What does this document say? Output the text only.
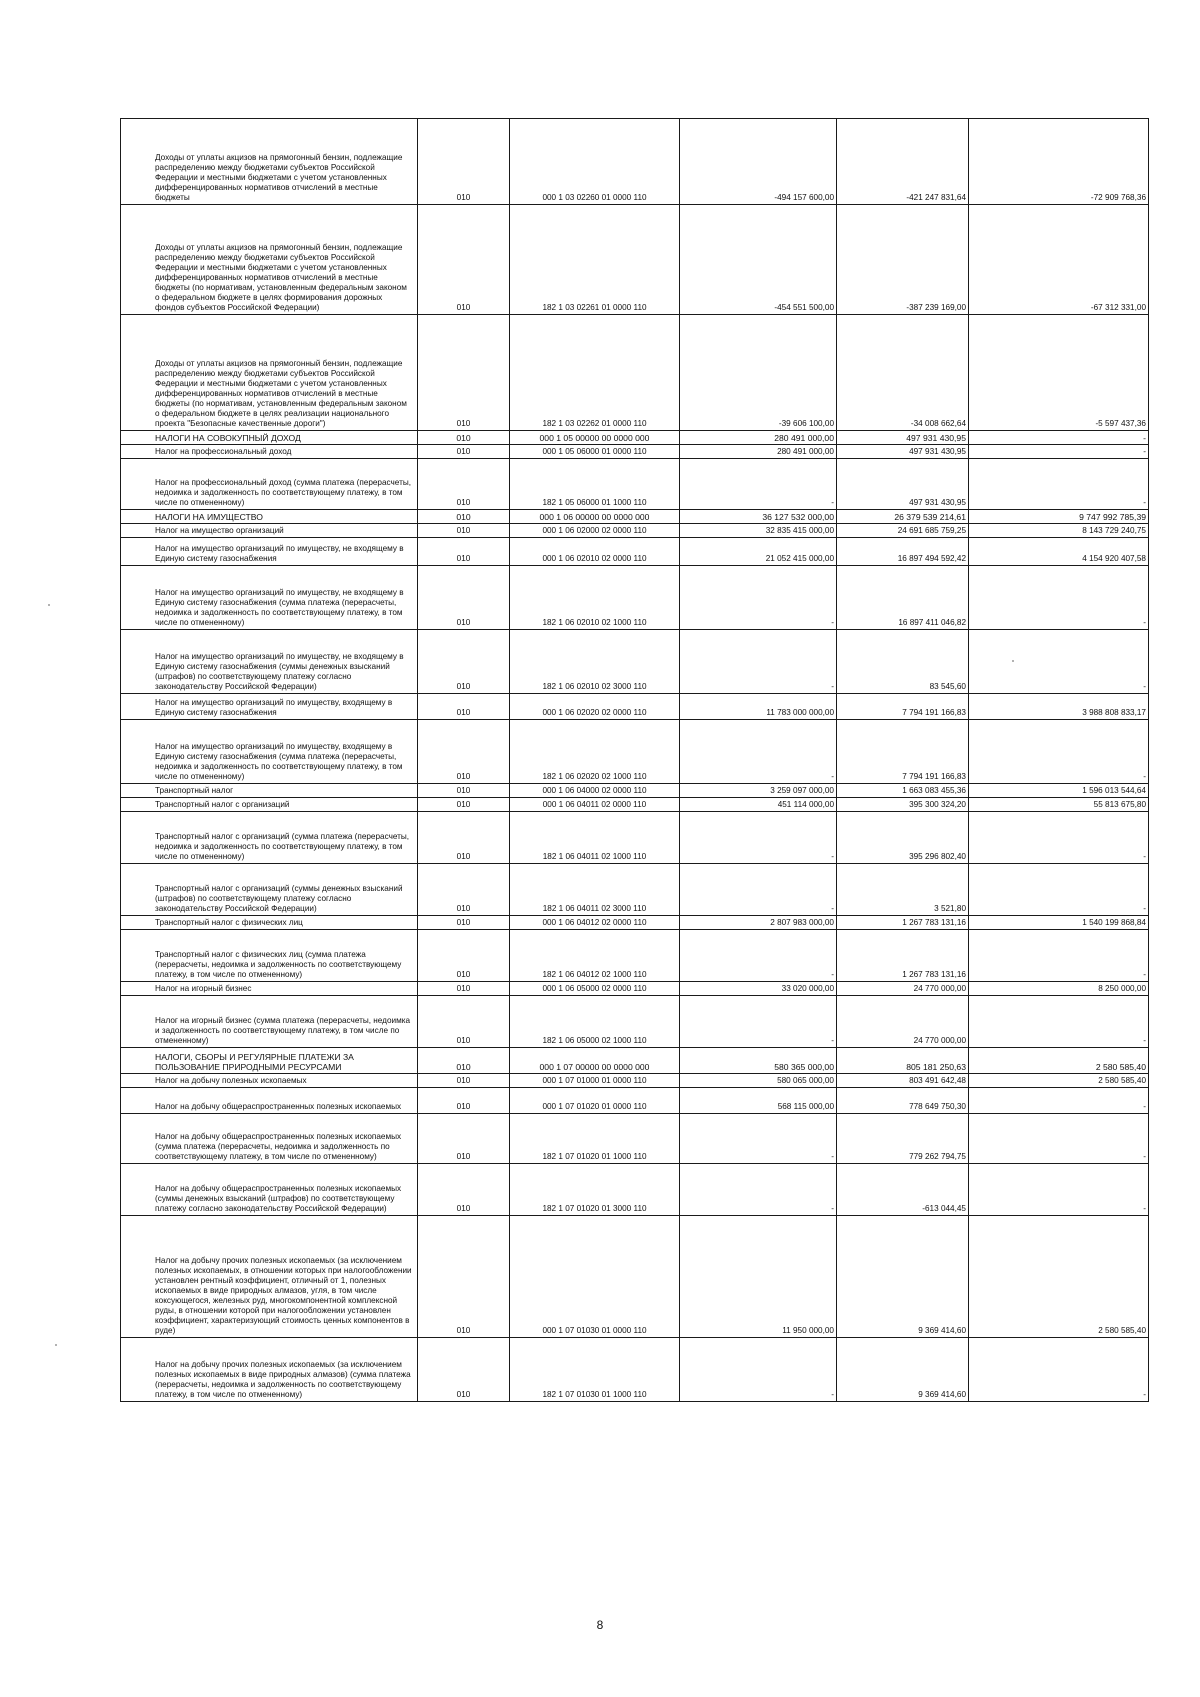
Доходы от уплаты акцизов на прямогонный бензин, подлежащие распределению между бюджетами субъектов Российской Федерации и местными бюджетами с учетом установленных дифференцированных нормативов отчислений в местные бюджеты	010	000 1 03 02260 01 0000 110	-494 157 600,00	-421 247 831,64	-72 909 768,36
Доходы от уплаты акцизов на прямогонный бензин, подлежащие распределению между бюджетами субъектов Российской Федерации и местными бюджетами с учетом установленных дифференцированных нормативов отчислений в местные бюджеты (по нормативам, установленным федеральным законом о федеральном бюджете в целях формирования дорожных фондов субъектов Российской Федерации)	010	182 1 03 02261 01 0000 110	-454 551 500,00	-387 239 169,00	-67 312 331,00
Доходы от уплаты акцизов на прямогонный бензин, подлежащие распределению между бюджетами субъектов Российской Федерации и местными бюджетами с учетом установленных дифференцированных нормативов отчислений в местные бюджеты (по нормативам, установленным федеральным законом о федеральном бюджете в целях реализации национального проекта "Безопасные качественные дороги")	010	182 1 03 02262 01 0000 110	-39 606 100,00	-34 008 662,64	-5 597 437,36
НАЛОГИ НА СОВОКУПНЫЙ ДОХОД	010	000 1 05 00000 00 0000 000	280 491 000,00	497 931 430,95	-
Налог на профессиональный доход	010	000 1 05 06000 01 0000 110	280 491 000,00	497 931 430,95	-
Налог на профессиональный доход (сумма платежа (перерасчеты, недоимка и задолженность по соответствующему платежу, в том числе по отмененному)	010	182 1 05 06000 01 1000 110	-	497 931 430,95	-
НАЛОГИ НА ИМУЩЕСТВО	010	000 1 06 00000 00 0000 000	36 127 532 000,00	26 379 539 214,61	9 747 992 785,39
Налог на имущество организаций	010	000 1 06 02000 02 0000 110	32 835 415 000,00	24 691 685 759,25	8 143 729 240,75
Налог на имущество организаций по имуществу, не входящему в Единую систему газоснабжения	010	000 1 06 02010 02 0000 110	21 052 415 000,00	16 897 494 592,42	4 154 920 407,58
Налог на имущество организаций по имуществу, не входящему в Единую систему газоснабжения (сумма платежа (перерасчеты, недоимка и задолженность по соответствующему платежу, в том числе по отмененному)	010	182 1 06 02010 02 1000 110	-	16 897 411 046,82	-
Налог на имущество организаций по имуществу, не входящему в Единую систему газоснабжения (суммы денежных взысканий (штрафов) по соответствующему платежу согласно законодательству Российской Федерации)	010	182 1 06 02010 02 3000 110	-	83 545,60	-
Налог на имущество организаций по имуществу, входящему в Единую систему газоснабжения	010	000 1 06 02020 02 0000 110	11 783 000 000,00	7 794 191 166,83	3 988 808 833,17
Налог на имущество организаций по имуществу, входящему в Единую систему газоснабжения (сумма платежа (перерасчеты, недоимка и задолженность по соответствующему платежу, в том числе по отмененному)	010	182 1 06 02020 02 1000 110	-	7 794 191 166,83	-
Транспортный налог	010	000 1 06 04000 02 0000 110	3 259 097 000,00	1 663 083 455,36	1 596 013 544,64
Транспортный налог с организаций	010	000 1 06 04011 02 0000 110	451 114 000,00	395 300 324,20	55 813 675,80
Транспортный налог с организаций (сумма платежа (перерасчеты, недоимка и задолженность по соответствующему платежу, в том числе по отмененному)	010	182 1 06 04011 02 1000 110	-	395 296 802,40	-
Транспортный налог с организаций (суммы денежных взысканий (штрафов) по соответствующему платежу согласно законодательству Российской Федерации)	010	182 1 06 04011 02 3000 110	-	3 521,80	-
Транспортный налог с физических лиц	010	000 1 06 04012 02 0000 110	2 807 983 000,00	1 267 783 131,16	1 540 199 868,84
Транспортный налог с физических лиц (сумма платежа (перерасчеты, недоимка и задолженность по соответствующему платежу, в том числе по отмененному)	010	182 1 06 04012 02 1000 110	-	1 267 783 131,16	-
Налог на игорный бизнес	010	000 1 06 05000 02 0000 110	33 020 000,00	24 770 000,00	8 250 000,00
Налог на игорный бизнес (сумма платежа (перерасчеты, недоимка и задолженность по соответствующему платежу, в том числе по отмененному)	010	182 1 06 05000 02 1000 110	-	24 770 000,00	-
НАЛОГИ, СБОРЫ И РЕГУЛЯРНЫЕ ПЛАТЕЖИ ЗА ПОЛЬЗОВАНИЕ ПРИРОДНЫМИ РЕСУРСАМИ	010	000 1 07 00000 00 0000 000	580 365 000,00	805 181 250,63	2 580 585,40
Налог на добычу полезных ископаемых	010	000 1 07 01000 01 0000 110	580 065 000,00	803 491 642,48	2 580 585,40
Налог на добычу общераспространенных полезных ископаемых	010	000 1 07 01020 01 0000 110	568 115 000,00	778 649 750,30	-
Налог на добычу общераспространенных полезных ископаемых (сумма платежа (перерасчеты, недоимка и задолженность по соответствующему платежу, в том числе по отмененному)	010	182 1 07 01020 01 1000 110	-	779 262 794,75	-
Налог на добычу общераспространенных полезных ископаемых (суммы денежных взысканий (штрафов) по соответствующему платежу согласно законодательству Российской Федерации)	010	182 1 07 01020 01 3000 110	-	-613 044,45	-
Налог на добычу прочих полезных ископаемых (за исключением полезных ископаемых, в отношении которых при налогообложении установлен рентный коэффициент, отличный от 1, полезных ископаемых в виде природных алмазов, угля, в том числе коксующегося, железных руд, многокомпонентной комплексной руды, в отношении которой при налогообложении установлен коэффициент, характеризующий стоимость ценных компонентов в руде)	010	000 1 07 01030 01 0000 110	11 950 000,00	9 369 414,60	2 580 585,40
Налог на добычу прочих полезных ископаемых (за исключением полезных ископаемых в виде природных алмазов) (сумма платежа (перерасчеты, недоимка и задолженность по соответствующему платежу, в том числе по отмененному)	010	182 1 07 01030 01 1000 110	-	9 369 414,60	-
8
